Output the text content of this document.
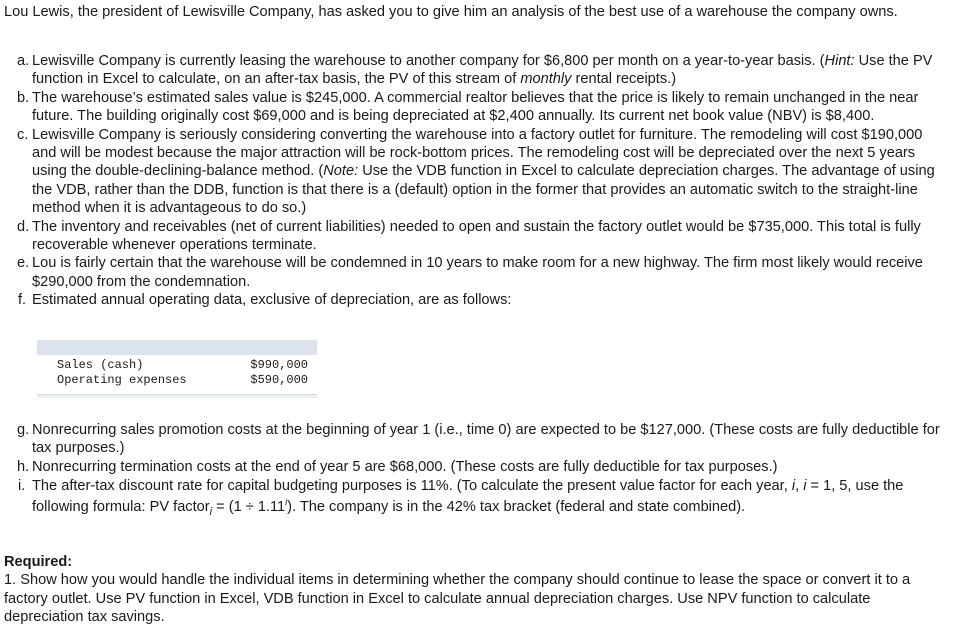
Lou Lewis, the president of Lewisville Company, has asked you to give him an analysis of the best use of a warehouse the company owns.
a. Lewisville Company is currently leasing the warehouse to another company for $6,800 per month on a year-to-year basis. (Hint: Use the PV function in Excel to calculate, on an after-tax basis, the PV of this stream of monthly rental receipts.)
b. The warehouse’s estimated sales value is $245,000. A commercial realtor believes that the price is likely to remain unchanged in the near future. The building originally cost $69,000 and is being depreciated at $2,400 annually. Its current net book value (NBV) is $8,400.
c. Lewisville Company is seriously considering converting the warehouse into a factory outlet for furniture. The remodeling will cost $190,000 and will be modest because the major attraction will be rock-bottom prices. The remodeling cost will be depreciated over the next 5 years using the double-declining-balance method. (Note: Use the VDB function in Excel to calculate depreciation charges. The advantage of using the VDB, rather than the DDB, function is that there is a (default) option in the former that provides an automatic switch to the straight-line method when it is advantageous to do so.)
d. The inventory and receivables (net of current liabilities) needed to open and sustain the factory outlet would be $735,000. This total is fully recoverable whenever operations terminate.
e. Lou is fairly certain that the warehouse will be condemned in 10 years to make room for a new highway. The firm most likely would receive $290,000 from the condemnation.
f. Estimated annual operating data, exclusive of depreciation, are as follows:
Sales (cash)	$990,000
Operating expenses	$590,000
g. Nonrecurring sales promotion costs at the beginning of year 1 (i.e., time 0) are expected to be $127,000. (These costs are fully deductible for tax purposes.)
h. Nonrecurring termination costs at the end of year 5 are $68,000. (These costs are fully deductible for tax purposes.)
i. The after-tax discount rate for capital budgeting purposes is 11%. (To calculate the present value factor for each year, i, i = 1, 5, use the following formula: PV factor$_i$ = $(1 \div 1.11^i)$. The company is in the 42% tax bracket (federal and state combined).
Required:
1. Show how you would handle the individual items in determining whether the company should continue to lease the space or convert it to a factory outlet. Use PV function in Excel, VDB function in Excel to calculate annual depreciation charges. Use NPV function to calculate depreciation tax savings.
